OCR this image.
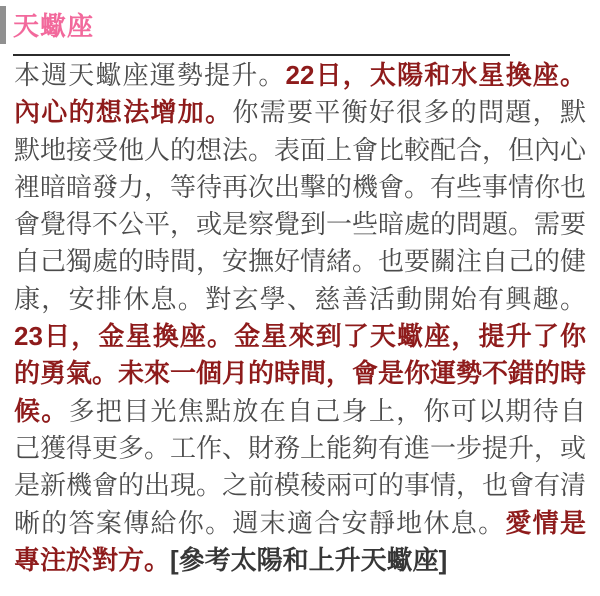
天蠍座

本週天蠍座運勢提升。22日，太陽和水星換座。內心的想法增加。你需要平衡好很多的問題，默默地接受他人的想法。表面上會比較配合，但內心裡暗暗發力，等待再次出擊的機會。有些事情你也會覺得不公平，或是察覺到一些暗處的問題。需要自己獨處的時間，安撫好情緒。也要關注自己的健康，安排休息。對玄學、慈善活動開始有興趣。23日，金星換座。金星來到了天蠍座，提升了你的勇氣。未來一個月的時間，會是你運勢不錯的時候。多把目光焦點放在自己身上，你可以期待自己獲得更多。工作、財務上能夠有進一步提升，或是新機會的出現。之前模稜兩可的事情，也會有清晰的答案傳給你。週末適合安靜地休息。愛情是專注於對方。[參考太陽和上升天蠍座]
